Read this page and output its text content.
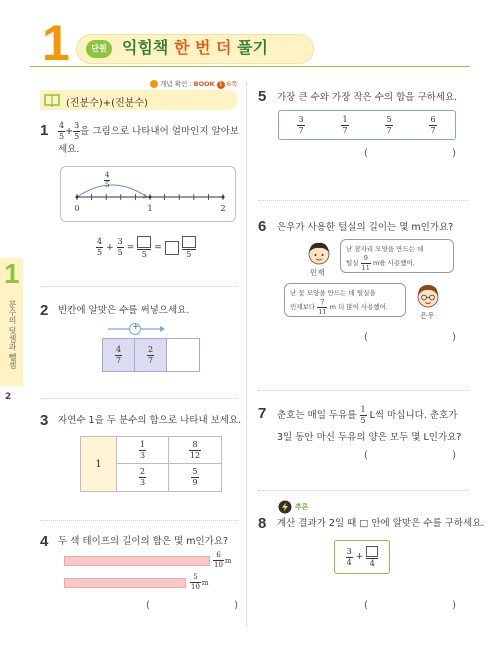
1	단원 익힘책 한 번 더 풀기
개념 확인 : BOOK 1 6쪽
1
분수의 덧셈과 뺄셈
2
(진분수)+(진분수)
$1 \frac{4}{5} + \frac{3}{5}$ 을 그림으로 나타내어 얼마인지 알아보
세요.
0	1	2
4
5
$\frac{4}{5} + \frac{3}{5}$ =
5
=
5
2 빈칸에 알맞은 수를 써넣으세요.
+
$\frac{4}{7}$	$\frac{2}{7}$
3 자연수 1을 두 분수의 합으로 나타내 보세요.
1
$\frac{1}{3}$	$\frac{8}{12}$
$\frac{2}{3}$	$\frac{5}{9}$
4 두 색 테이프의 길이의 합은 몇 m인가요?
$\frac{6}{10}$ m
$\frac{5}{10}$ m
(	)
5 가장 큰 수와 가장 작은 수의 합을 구하세요.
$\frac{3}{7}$	$\frac{1}{7}$	$\frac{5}{7}$	$\frac{6}{7}$
(	)
6 은우가 사용한 털실의 길이는 몇 m인가요?
민재
난 잠자리 모양을 만드는 데
털실 $\frac{9}{11}$ m를 사용했어.
난 꽃 모양을 만드는 데 털실을
민재보다 $\frac{7}{11}$ m 더 많이 사용했어.
은우
(	)
7 춘호는 매일 두유를 $\frac{1}{5}$ L씩 마십니다. 춘호가
3일 동안 마신 두유의 양은 모두 몇 L인가요?
(	)
추론
8 계산 결과가 2일 때 □ 안에 알맞은 수를 구하세요.
$\frac{3}{4}$ +
4
(	)
